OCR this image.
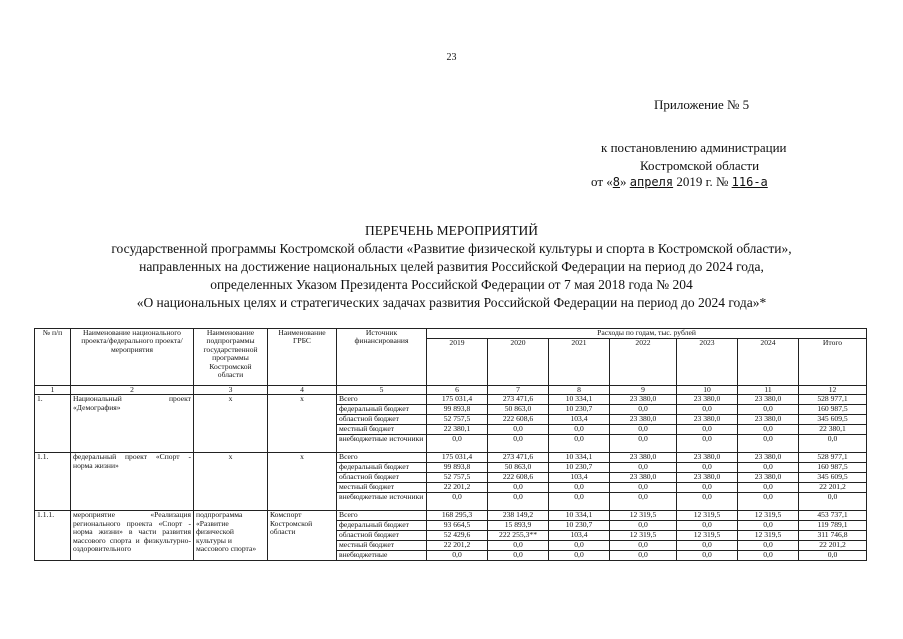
23
Приложение № 5
к постановлению администрации
Костромской области
от «8» апреля 2019 г. № 116-а
ПЕРЕЧЕНЬ МЕРОПРИЯТИЙ
государственной программы Костромской области «Развитие физической культуры и спорта в Костромской области»,
направленных на достижение национальных целей развития Российской Федерации на период до 2024 года,
определенных Указом Президента Российской Федерации от 7 мая 2018 года № 204
«О национальных целях и стратегических задачах развития Российской Федерации на период до 2024 года»*
№ п/п	Наименование национального проекта/федерального проекта/мероприятия	Наименование подпрограммы государственной программы Костромской области	Наименование ГРБС	Источник финансирования	Расходы по годам, тыс. рублей						
					2019	2020	2021	2022	2023	2024	Итого
1	2	3	4	5	6	7	8	9	10	11	12
1.	Национальный проект «Демография»	х	х	Всего	175 031,4	273 471,6	10 334,1	23 380,0	23 380,0	23 380,0	528 977,1
				федеральный бюджет	99 893,8	50 863,0	10 230,7	0,0	0,0	0,0	160 987,5
				областной бюджет	52 757,5	222 608,6	103,4	23 380,0	23 380,0	23 380,0	345 609,5
				местный бюджет	22 380,1	0,0	0,0	0,0	0,0	0,0	22 380,1
				внебюджетные источники	0,0	0,0	0,0	0,0	0,0	0,0	0,0
1.1.	федеральный проект «Спорт - норма жизни»	х	х	Всего	175 031,4	273 471,6	10 334,1	23 380,0	23 380,0	23 380,0	528 977,1
				федеральный бюджет	99 893,8	50 863,0	10 230,7	0,0	0,0	0,0	160 987,5
				областной бюджет	52 757,5	222 608,6	103,4	23 380,0	23 380,0	23 380,0	345 609,5
				местный бюджет	22 201,2	0,0	0,0	0,0	0,0	0,0	22 201,2
				внебюджетные источники	0,0	0,0	0,0	0,0	0,0	0,0	0,0
1.1.1.	мероприятие «Реализация регионального проекта «Спорт - норма жизни» в части развития массового спорта и физкультурно-оздоровительного	подпрограмма «Развитие физической культуры и массового спорта»	Комспорт Костромской области	Всего	168 295,3	238 149,2	10 334,1	12 319,5	12 319,5	12 319,5	453 737,1
				федеральный бюджет	93 664,5	15 893,9	10 230,7	0,0	0,0	0,0	119 789,1
				областной бюджет	52 429,6	222 255,3**	103,4	12 319,5	12 319,5	12 319,5	311 746,8
				местный бюджет	22 201,2	0,0	0,0	0,0	0,0	0,0	22 201,2
				внебюджетные	0,0	0,0	0,0	0,0	0,0	0,0	0,0
